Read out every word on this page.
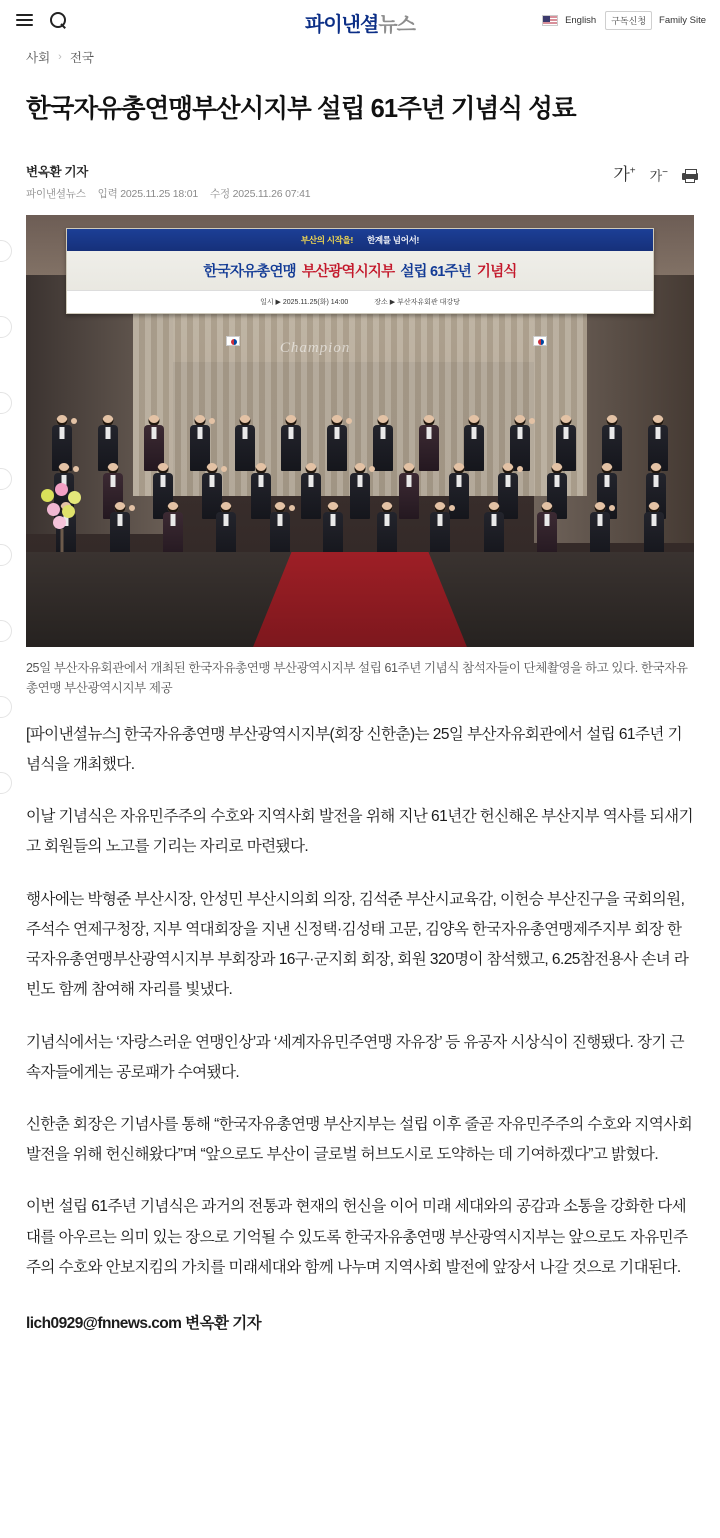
파이낸셜뉴스	English	구독신청	Family Site
사회 › 전국
한국자유총연맹부산시지부 설립 61주년 기념식 성료
변옥환 기자
파이낸셜뉴스 입력 2025.11.25 18:01 수정 2025.11.26 07:41
가+ 가−
Champion
부산의 시작을! 한계를 넘어서!
한국자유총연맹 부산광역시지부 설립 61주년 기념식
일시 ▶ 2025.11.25(화) 14:00	장소 ▶ 부산자유회관 대강당
25일 부산자유회관에서 개최된 한국자유총연맹 부산광역시지부 설립 61주년 기념식 참석자들이 단체촬영을 하고 있다. 한국자유총연맹 부산광역시지부 제공

[파이낸셜뉴스] 한국자유총연맹 부산광역시지부(회장 신한춘)는 25일 부산자유회관에서 설립 61주년 기념식을 개최했다.

이날 기념식은 자유민주주의 수호와 지역사회 발전을 위해 지난 61년간 헌신해온 부산지부 역사를 되새기고 회원들의 노고를 기리는 자리로 마련됐다.

행사에는 박형준 부산시장, 안성민 부산시의회 의장, 김석준 부산시교육감, 이헌승 부산진구을 국회의원, 주석수 연제구청장, 지부 역대회장을 지낸 신정택·김성태 고문, 김양옥 한국자유총연맹제주지부 회장 한국자유총연맹부산광역시지부 부회장과 16구·군지회 회장, 회원 320명이 참석했고, 6.25참전용사 손녀 라빈도 함께 참여해 자리를 빛냈다.

기념식에서는 ‘자랑스러운 연맹인상’과 ‘세계자유민주연맹 자유장’ 등 유공자 시상식이 진행됐다. 장기 근속자들에게는 공로패가 수여됐다.

신한춘 회장은 기념사를 통해 “한국자유총연맹 부산지부는 설립 이후 줄곧 자유민주주의 수호와 지역사회 발전을 위해 헌신해왔다”며 “앞으로도 부산이 글로벌 허브도시로 도약하는 데 기여하겠다”고 밝혔다.

이번 설립 61주년 기념식은 과거의 전통과 현재의 헌신을 이어 미래 세대와의 공감과 소통을 강화한 다세대를 아우르는 의미 있는 장으로 기억될 수 있도록 한국자유총연맹 부산광역시지부는 앞으로도 자유민주주의 수호와 안보지킴의 가치를 미래세대와 함께 나누며 지역사회 발전에 앞장서 나갈 것으로 기대된다.

lich0929@fnnews.com 변옥환 기자
